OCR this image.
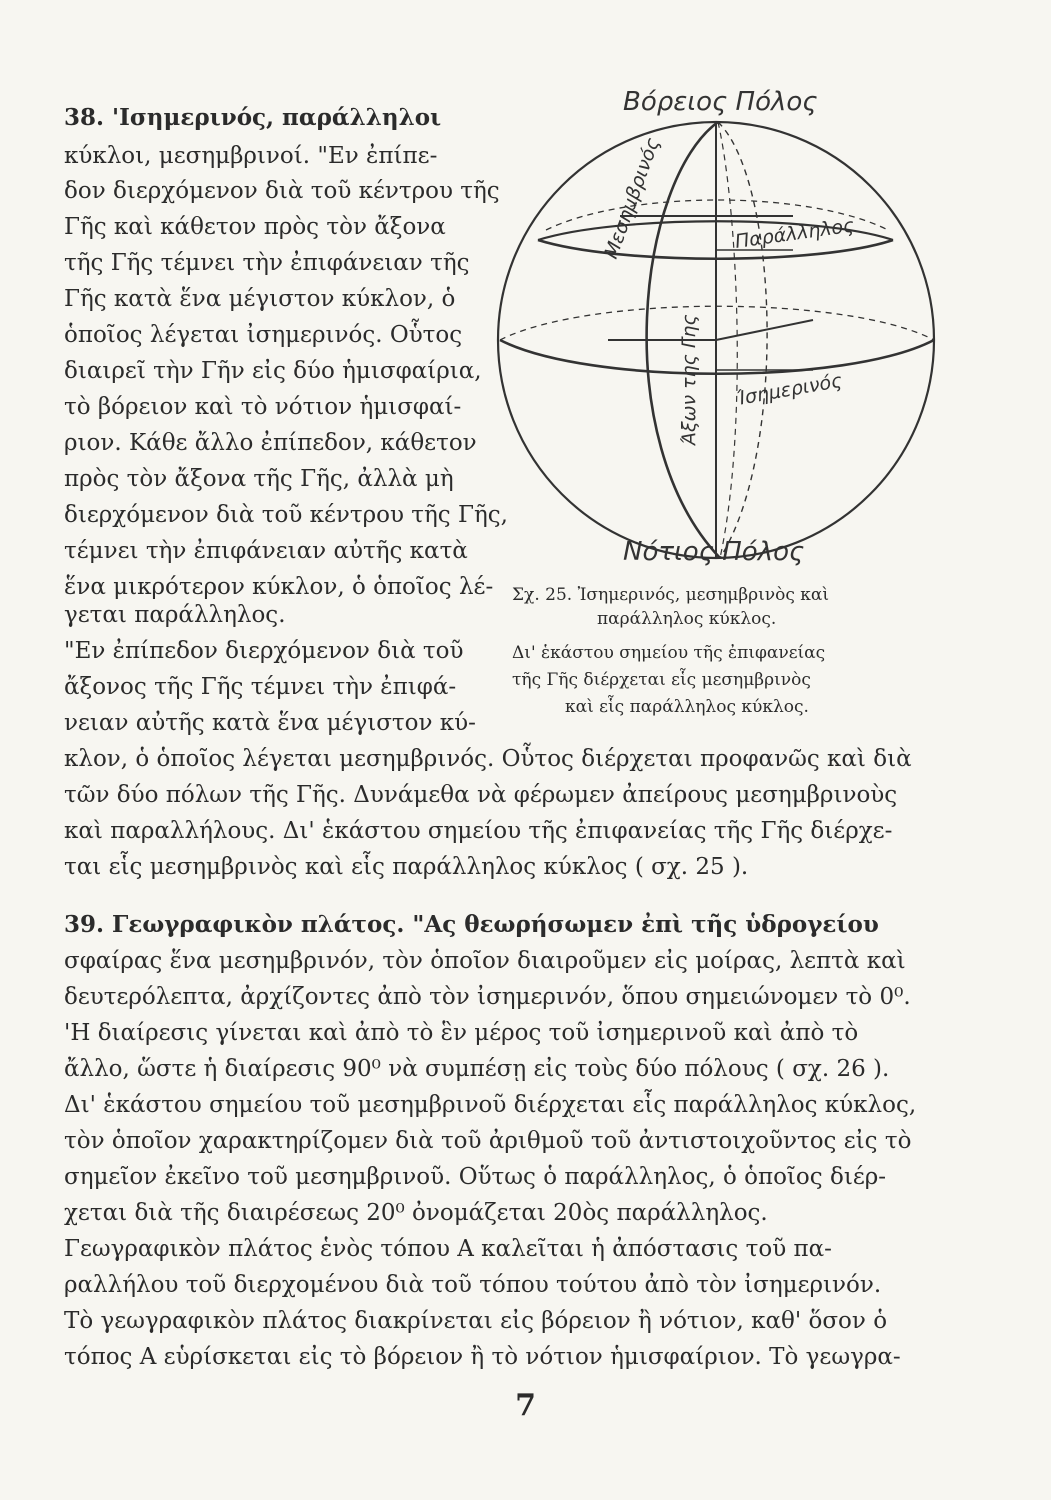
38. 'Ισημερινός, παράλληλοι
κύκλοι, μεσημβρινοί. "Εν ἐπίπε-
δον διερχόμενον διὰ τοῦ κέντρου τῆς
Γῆς καὶ κάθετον πρὸς τὸν ἄξονα
τῆς Γῆς τέμνει τὴν ἐπιφάνειαν τῆς
Γῆς κατὰ ἕνα μέγιστον κύκλον, ὁ
ὁποῖος λέγεται ἰσημερινός. Οὗτος
διαιρεῖ τὴν Γῆν εἰς δύο ἡμισφαίρια,
τὸ βόρειον καὶ τὸ νότιον ἡμισφαί-
ριον. Κάθε ἄλλο ἐπίπεδον, κάθετον
πρὸς τὸν ἄξονα τῆς Γῆς, ἀλλὰ μὴ
διερχόμενον διὰ τοῦ κέντρου τῆς Γῆς,
τέμνει τὴν ἐπιφάνειαν αὐτῆς κατὰ
ἕνα μικρότερον κύκλον, ὁ ὁποῖος λέ-
γεται παράλληλος.
"Εν ἐπίπεδον διερχόμενον διὰ τοῦ
ἄξονος τῆς Γῆς τέμνει τὴν ἐπιφά-
νειαν αὐτῆς κατὰ ἕνα μέγιστον κύ-
κλον, ὁ ὁποῖος λέγεται μεσημβρινός. Οὗτος διέρχεται προφανῶς καὶ διὰ
τῶν δύο πόλων τῆς Γῆς. Δυνάμεθα νὰ φέρωμεν ἀπείρους μεσημβρινοὺς
καὶ παραλλήλους. Δι' ἑκάστου σημείου τῆς ἐπιφανείας τῆς Γῆς διέρχε-
ται εἷς μεσημβρινὸς καὶ εἷς παράλληλος κύκλος ( σχ. 25 ).
Βόρειος Πόλος
Νότιος Πόλος
Μεσημβρινός	Παράλληλος
Ίσημερινός
Άξων της Γης
Σχ. 25. Ἰσημερινός, μεσημβρινὸς καὶ
παράλληλος κύκλος.
Δι' ἑκάστου σημείου τῆς ἐπιφανείας
τῆς Γῆς διέρχεται εἷς μεσημβρινὸς
καὶ εἷς παράλληλος κύκλος.
39. Γεωγραφικὸν πλάτος. "Ας θεωρήσωμεν ἐπὶ τῆς ὑδρογείου
σφαίρας ἕνα μεσημβρινόν, τὸν ὁποῖον διαιροῦμεν εἰς μοίρας, λεπτὰ καὶ
δευτερόλεπτα, ἀρχίζοντες ἀπὸ τὸν ἰσημερινόν, ὅπου σημειώνομεν τὸ 0⁰.
'Η διαίρεσις γίνεται καὶ ἀπὸ τὸ ἓν μέρος τοῦ ἰσημερινοῦ καὶ ἀπὸ τὸ
ἄλλο, ὥστε ἡ διαίρεσις 90⁰ νὰ συμπέσῃ εἰς τοὺς δύο πόλους ( σχ. 26 ).
Δι' ἑκάστου σημείου τοῦ μεσημβρινοῦ διέρχεται εἷς παράλληλος κύκλος,
τὸν ὁποῖον χαρακτηρίζομεν διὰ τοῦ ἀριθμοῦ τοῦ ἀντιστοιχοῦντος εἰς τὸ
σημεῖον ἐκεῖνο τοῦ μεσημβρινοῦ. Οὕτως ὁ παράλληλος, ὁ ὁποῖος διέρ-
χεται διὰ τῆς διαιρέσεως 20⁰ ὀνομάζεται 20ὸς παράλληλος.
Γεωγραφικὸν πλάτος ἑνὸς τόπου Α καλεῖται ἡ ἀπόστασις τοῦ πα-
ραλλήλου τοῦ διερχομένου διὰ τοῦ τόπου τούτου ἀπὸ τὸν ἰσημερινόν.
Τὸ γεωγραφικὸν πλάτος διακρίνεται εἰς βόρειον ἢ νότιον, καθ' ὅσον ὁ
τόπος Α εὑρίσκεται εἰς τὸ βόρειον ἢ τὸ νότιον ἡμισφαίριον. Τὸ γεωγρα-
7
